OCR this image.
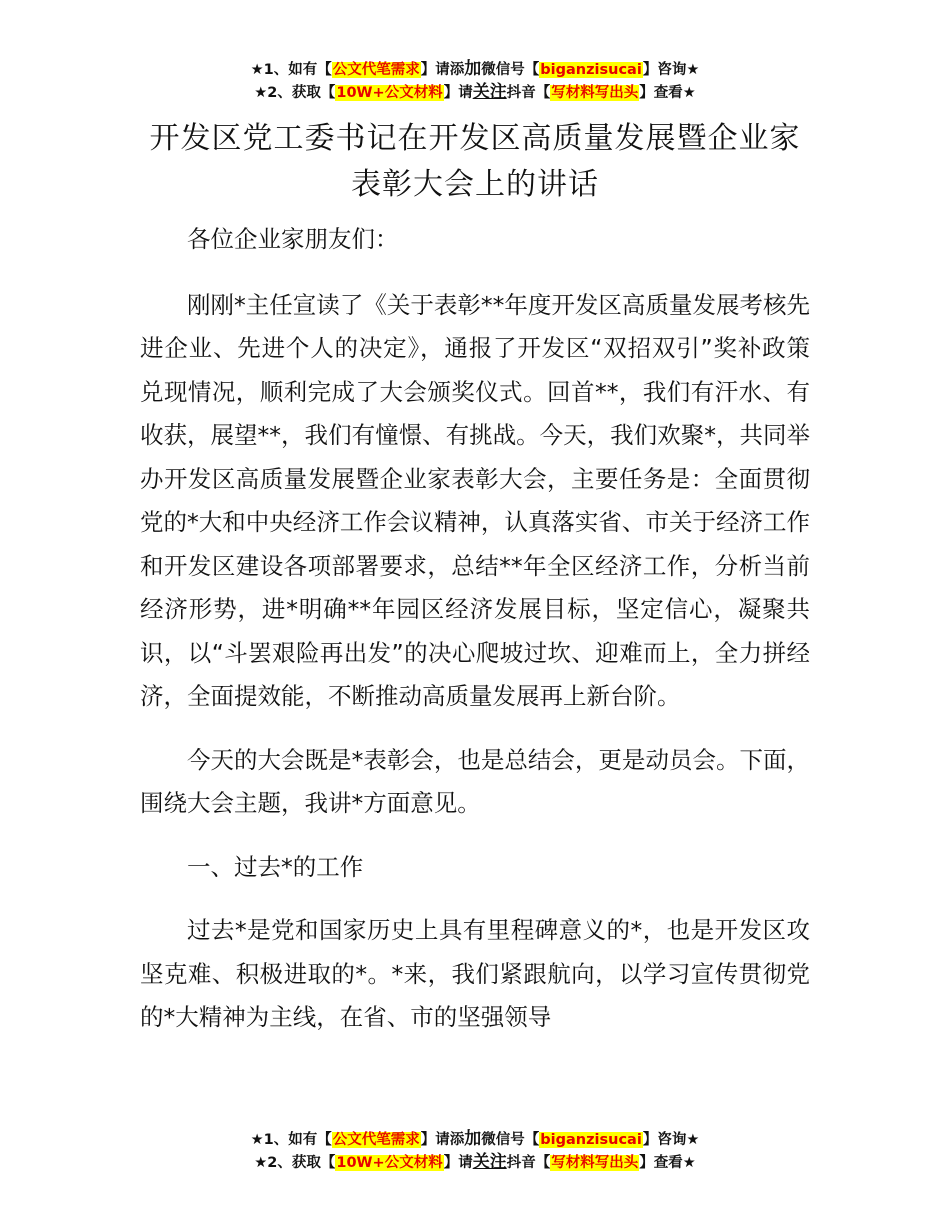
★1、如有【公文代笔需求】请添加微信号【biganzisucai】咨询★
★2、获取【10W+公文材料】请关注抖音【写材料写出头】查看★
开发区党工委书记在开发区高质量发展暨企业家表彰大会上的讲话

各位企业家朋友们：

刚刚*主任宣读了《关于表彰**年度开发区高质量发展考核先进企业、先进个人的决定》，通报了开发区“双招双引”奖补政策兑现情况，顺利完成了大会颁奖仪式。回首**，我们有汗水、有收获，展望**，我们有憧憬、有挑战。今天，我们欢聚*，共同举办开发区高质量发展暨企业家表彰大会，主要任务是：全面贯彻党的*大和中央经济工作会议精神，认真落实省、市关于经济工作和开发区建设各项部署要求，总结**年全区经济工作，分析当前经济形势，进*明确**年园区经济发展目标，坚定信心，凝聚共识，以“斗罢艰险再出发”的决心爬坡过坎、迎难而上，全力拼经济，全面提效能，不断推动高质量发展再上新台阶。

今天的大会既是*表彰会，也是总结会，更是动员会。下面，围绕大会主题，我讲*方面意见。

一、过去*的工作

过去*是党和国家历史上具有里程碑意义的*，也是开发区攻坚克难、积极进取的*。*来，我们紧跟航向，以学习宣传贯彻党的*大精神为主线，在省、市的坚强领导

★1、如有【公文代笔需求】请添加微信号【biganzisucai】咨询★
★2、获取【10W+公文材料】请关注抖音【写材料写出头】查看★
